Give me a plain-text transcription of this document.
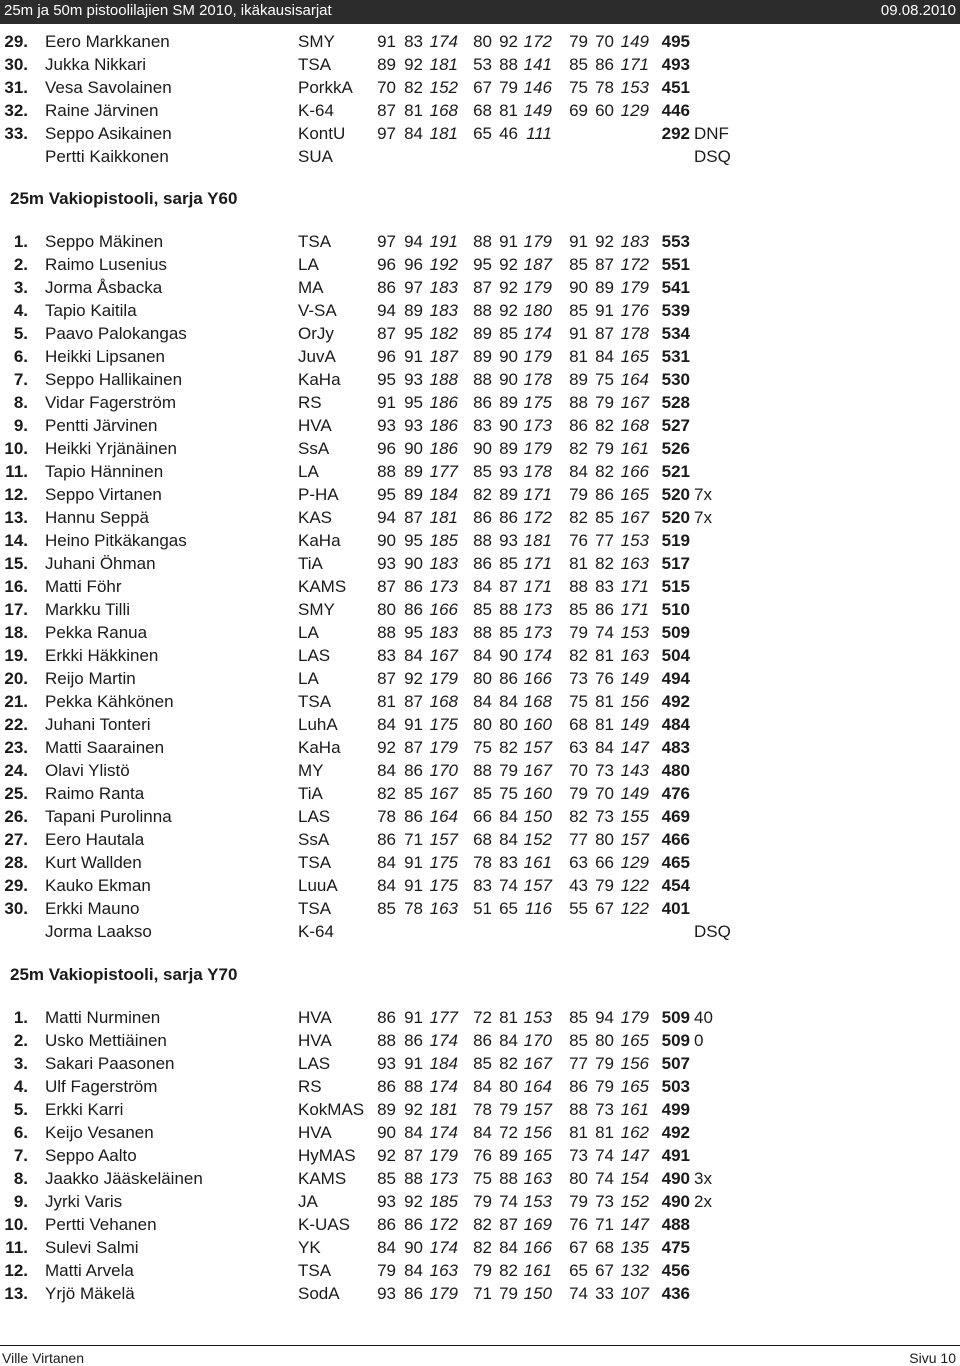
25m ja 50m pistoolilajien SM 2010, ikäkausisarjat	09.08.2010
29. Eero Markkanen	SMY 91 83 174 80 92 172 79 70 149 495
30. Jukka Nikkari	TSA	89 92 181 53 88 141 85 86 171 493
31. Vesa Savolainen	PorkkA 70 82 152 67 79 146 75 78 153 451
32. Raine Järvinen	K-64	87 81 168 68 81 149 69 60 129 446
33. Seppo Asikainen	KontU 97 84 181 65 46 111	292 DNF
Pertti Kaikkonen	SUA	DSQ
25m Vakiopistooli, sarja Y60
1. Seppo Mäkinen	TSA	97 94 191 88 91 179 91 92 183 553
2. Raimo Lusenius	LA	96 96 192 95 92 187 85 87 172 551
3. Jorma Åsbacka	MA	86 97 183 87 92 179 90 89 179 541
4. Tapio Kaitila	V-SA 94 89 183 88 92 180 85 91 176 539
5. Paavo Palokangas	OrJy	87 95 182 89 85 174 91 87 178 534
6. Heikki Lipsanen	JuvA 96 91 187 89 90 179 81 84 165 531
7. Seppo Hallikainen	KaHa 95 93 188 88 90 178 89 75 164 530
8. Vidar Fagerström	RS	91 95 186 86 89 175 88 79 167 528
9. Pentti Järvinen	HVA	93 93 186 83 90 173 86 82 168 527
10. Heikki Yrjänäinen	SsA	96 90 186 90 89 179 82 79 161 526
11. Tapio Hänninen	LA	88 89 177 85 93 178 84 82 166 521
12. Seppo Virtanen	P-HA 95 89 184 82 89 171 79 86 165 520 7x
13. Hannu Seppä	KAS	94 87 181 86 86 172 82 85 167 520 7x
14. Heino Pitkäkangas	KaHa 90 95 185 88 93 181 76 77 153 519
15. Juhani Öhman	TiA	93 90 183 86 85 171 81 82 163 517
16. Matti Föhr	KAMS 87 86 173 84 87 171 88 83 171 515
17. Markku Tilli	SMY 80 86 166 85 88 173 85 86 171 510
18. Pekka Ranua	LA	88 95 183 88 85 173 79 74 153 509
19. Erkki Häkkinen	LAS	83 84 167 84 90 174 82 81 163 504
20. Reijo Martin	LA	87 92 179 80 86 166 73 76 149 494
21. Pekka Kähkönen	TSA	81 87 168 84 84 168 75 81 156 492
22. Juhani Tonteri	LuhA 84 91 175 80 80 160 68 81 149 484
23. Matti Saarainen	KaHa 92 87 179 75 82 157 63 84 147 483
24. Olavi Ylistö	MY	84 86 170 88 79 167 70 73 143 480
25. Raimo Ranta	TiA	82 85 167 85 75 160 79 70 149 476
26. Tapani Purolinna	LAS	78 86 164 66 84 150 82 73 155 469
27. Eero Hautala	SsA	86 71 157 68 84 152 77 80 157 466
28. Kurt Wallden	TSA	84 91 175 78 83 161 63 66 129 465
29. Kauko Ekman	LuuA 84 91 175 83 74 157 43 79 122 454
30. Erkki Mauno	TSA	85 78 163 51 65 116 55 67 122 401
Jorma Laakso	K-64	DSQ
25m Vakiopistooli, sarja Y70
1. Matti Nurminen	HVA	86 91 177 72 81 153 85 94 179 509 40
2. Usko Mettiäinen	HVA	88 86 174 86 84 170 85 80 165 509 0
3. Sakari Paasonen	LAS	93 91 184 85 82 167 77 79 156 507
4. Ulf Fagerström	RS	86 88 174 84 80 164 86 79 165 503
5. Erkki Karri	KokMAS 89 92 181 78 79 157 88 73 161 499
6. Keijo Vesanen	HVA	90 84 174 84 72 156 81 81 162 492
7. Seppo Aalto	HyMAS 92 87 179 76 89 165 73 74 147 491
8. Jaakko Jääskeläinen	KAMS 85 88 173 75 88 163 80 74 154 490 3x
9. Jyrki Varis	JA	93 92 185 79 74 153 79 73 152 490 2x
10. Pertti Vehanen	K-UAS 86 86 172 82 87 169 76 71 147 488
11. Sulevi Salmi	YK	84 90 174 82 84 166 67 68 135 475
12. Matti Arvela	TSA	79 84 163 79 82 161 65 67 132 456
13. Yrjö Mäkelä	SodA 93 86 179 71 79 150 74 33 107 436
Ville Virtanen	Sivu 10
